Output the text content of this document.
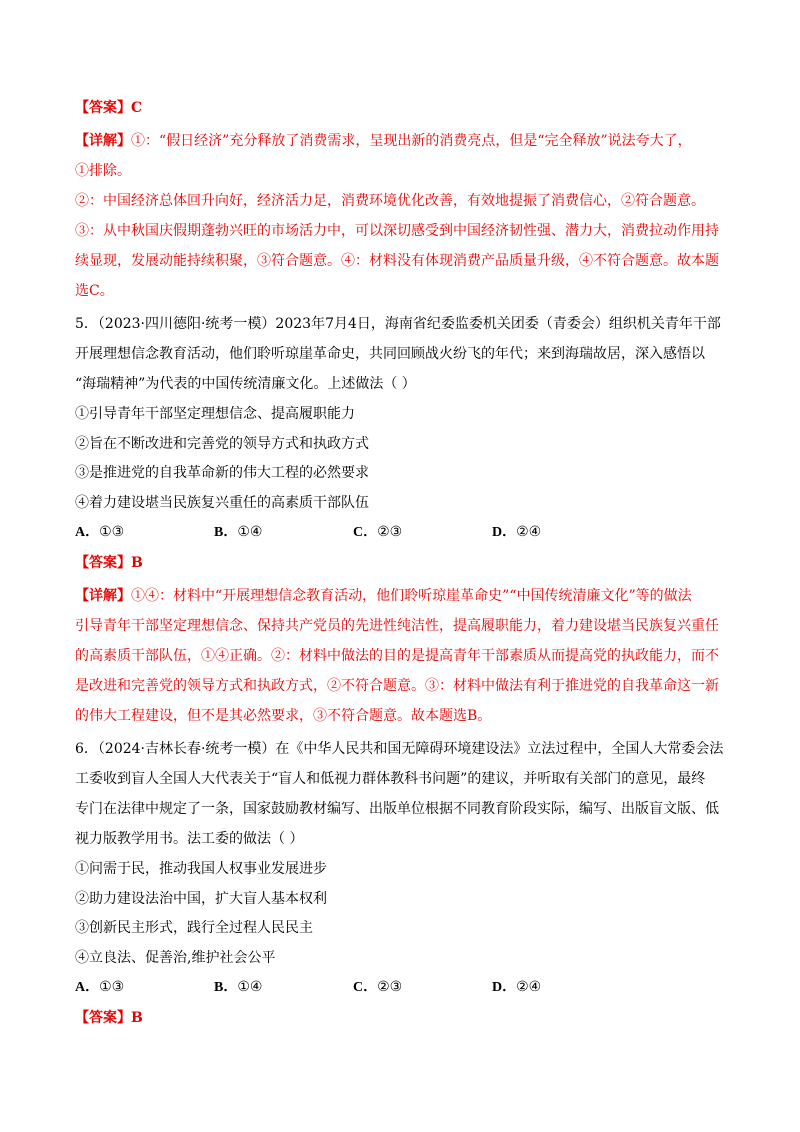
【答案】C
【详解】①：“假日经济”充分释放了消费需求，呈现出新的消费亮点，但是“完全释放”说法夸大了，
①排除。
②：中国经济总体回升向好，经济活力足，消费环境优化改善，有效地提振了消费信心，②符合题意。
③：从中秋国庆假期蓬勃兴旺的市场活力中，可以深切感受到中国经济韧性强、潜力大，消费拉动作用持
续显现，发展动能持续积聚，③符合题意。④：材料没有体现消费产品质量升级，④不符合题意。故本题
选C。
5．（2023·四川德阳·统考一模）2023年7月4日，海南省纪委监委机关团委（青委会）组织机关青年干部
开展理想信念教育活动，他们聆听琼崖革命史，共同回顾战火纷飞的年代；来到海瑞故居，深入感悟以
“海瑞精神”为代表的中国传统清廉文化。上述做法（ ）
①引导青年干部坚定理想信念、提高履职能力
②旨在不断改进和完善党的领导方式和执政方式
③是推进党的自我革命新的伟大工程的必然要求
④着力建设堪当民族复兴重任的高素质干部队伍
A．①③	B．①④	C．②③	D．②④
【答案】B
【详解】①④：材料中“开展理想信念教育活动，他们聆听琼崖革命史”“中国传统清廉文化”等的做法
引导青年干部坚定理想信念、保持共产党员的先进性纯洁性，提高履职能力，着力建设堪当民族复兴重任
的高素质干部队伍，①④正确。②：材料中做法的目的是提高青年干部素质从而提高党的执政能力，而不
是改进和完善党的领导方式和执政方式，②不符合题意。③：材料中做法有利于推进党的自我革命这一新
的伟大工程建设，但不是其必然要求，③不符合题意。故本题选B。
6．（2024·吉林长春·统考一模）在《中华人民共和国无障碍环境建设法》立法过程中，全国人大常委会法
工委收到盲人全国人大代表关于“盲人和低视力群体教科书问题”的建议，并听取有关部门的意见，最终
专门在法律中规定了一条，国家鼓励教材编写、出版单位根据不同教育阶段实际，编写、出版盲文版、低
视力版教学用书。法工委的做法（ ）
①问需于民，推动我国人权事业发展进步
②助力建设法治中国，扩大盲人基本权利
③创新民主形式，践行全过程人民民主
④立良法、促善治,维护社会公平
A．①③	B．①④	C．②③	D．②④
【答案】B
